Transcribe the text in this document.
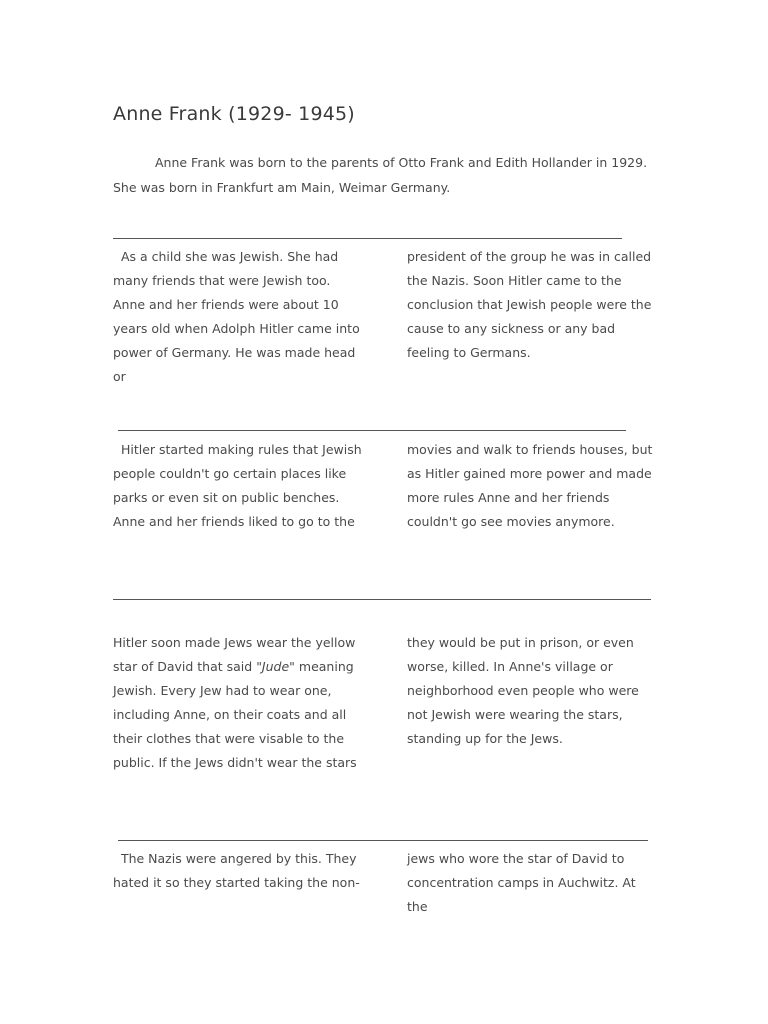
Anne Frank (1929- 1945)

Anne Frank was born to the parents of Otto Frank and Edith Hollander in 1929.

She was born in Frankfurt am Main, Weimar Germany.

As a child she was Jewish. She had many friends that were Jewish too. Anne and her friends were about 10 years old when Adolph Hitler came into power of Germany. He was made head or

president of the group he was in called the Nazis. Soon Hitler came to the conclusion that Jewish people were the cause to any sickness or any bad feeling to Germans.

Hitler started making rules that Jewish people couldn't go certain places like parks or even sit on public benches. Anne and her friends liked to go to the

movies and walk to friends houses, but as Hitler gained more power and made more rules Anne and her friends couldn't go see movies anymore.

Hitler soon made Jews wear the yellow star of David that said "Jude" meaning Jewish. Every Jew had to wear one, including Anne, on their coats and all their clothes that were visable to the public. If the Jews didn't wear the stars

they would be put in prison, or even worse, killed. In Anne's village or neighborhood even people who were not Jewish were wearing the stars, standing up for the Jews.

The Nazis were angered by this. They hated it so they started taking the non-

jews who wore the star of David to concentration camps in Auchwitz. At the
